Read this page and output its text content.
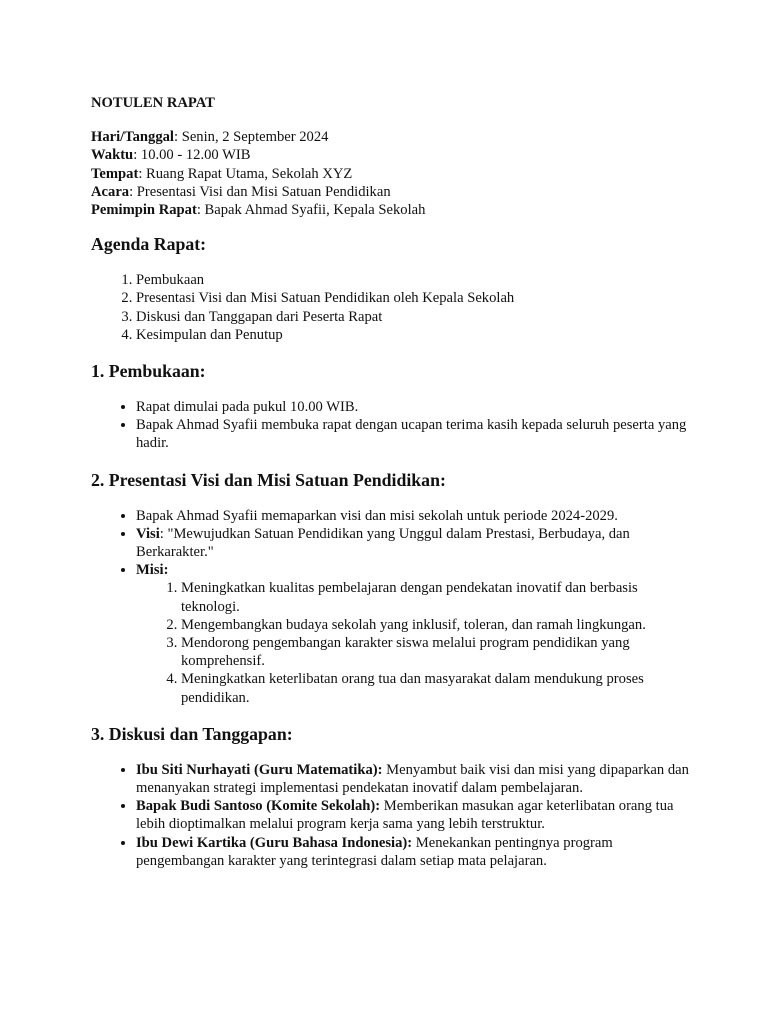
NOTULEN RAPAT

Hari/Tanggal: Senin, 2 September 2024

Waktu: 10.00 - 12.00 WIB

Tempat: Ruang Rapat Utama, Sekolah XYZ

Acara: Presentasi Visi dan Misi Satuan Pendidikan

Pemimpin Rapat: Bapak Ahmad Syafii, Kepala Sekolah

Agenda Rapat:
1. Pembukaan
2. Presentasi Visi dan Misi Satuan Pendidikan oleh Kepala Sekolah
3. Diskusi dan Tanggapan dari Peserta Rapat
4. Kesimpulan dan Penutup
1. Pembukaan:
• Rapat dimulai pada pukul 10.00 WIB.
• Bapak Ahmad Syafii membuka rapat dengan ucapan terima kasih kepada seluruh peserta yang hadir.
2. Presentasi Visi dan Misi Satuan Pendidikan:
• Bapak Ahmad Syafii memaparkan visi dan misi sekolah untuk periode 2024-2029.
• Visi: "Mewujudkan Satuan Pendidikan yang Unggul dalam Prestasi, Berbudaya, dan Berkarakter."
• Misi:
1. Meningkatkan kualitas pembelajaran dengan pendekatan inovatif dan berbasis teknologi.
2. Mengembangkan budaya sekolah yang inklusif, toleran, dan ramah lingkungan.
3. Mendorong pengembangan karakter siswa melalui program pendidikan yang komprehensif.
4. Meningkatkan keterlibatan orang tua dan masyarakat dalam mendukung proses pendidikan.
3. Diskusi dan Tanggapan:
• Ibu Siti Nurhayati (Guru Matematika): Menyambut baik visi dan misi yang dipaparkan dan menanyakan strategi implementasi pendekatan inovatif dalam pembelajaran.
• Bapak Budi Santoso (Komite Sekolah): Memberikan masukan agar keterlibatan orang tua lebih dioptimalkan melalui program kerja sama yang lebih terstruktur.
• Ibu Dewi Kartika (Guru Bahasa Indonesia): Menekankan pentingnya program pengembangan karakter yang terintegrasi dalam setiap mata pelajaran.
